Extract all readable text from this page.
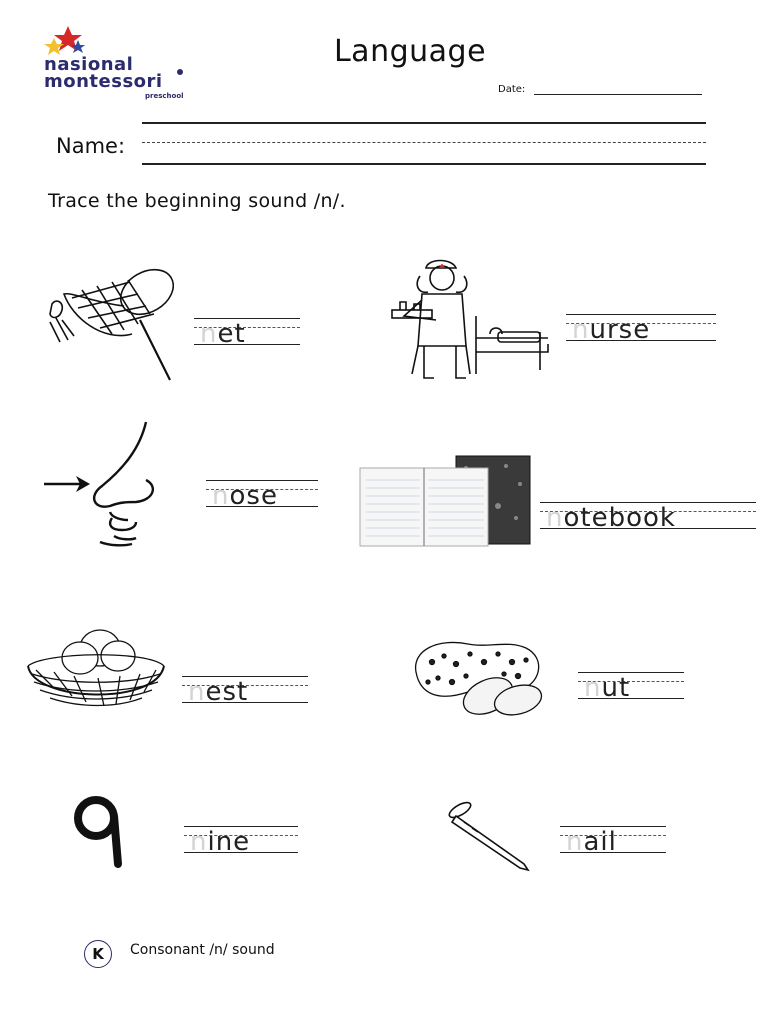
nasional
montessori
preschool
Language
Date:
Name:
Trace the beginning sound /n/.
net	nurse
nose
notebook
nest	nut
nine	nail
K	Consonant /n/ sound
